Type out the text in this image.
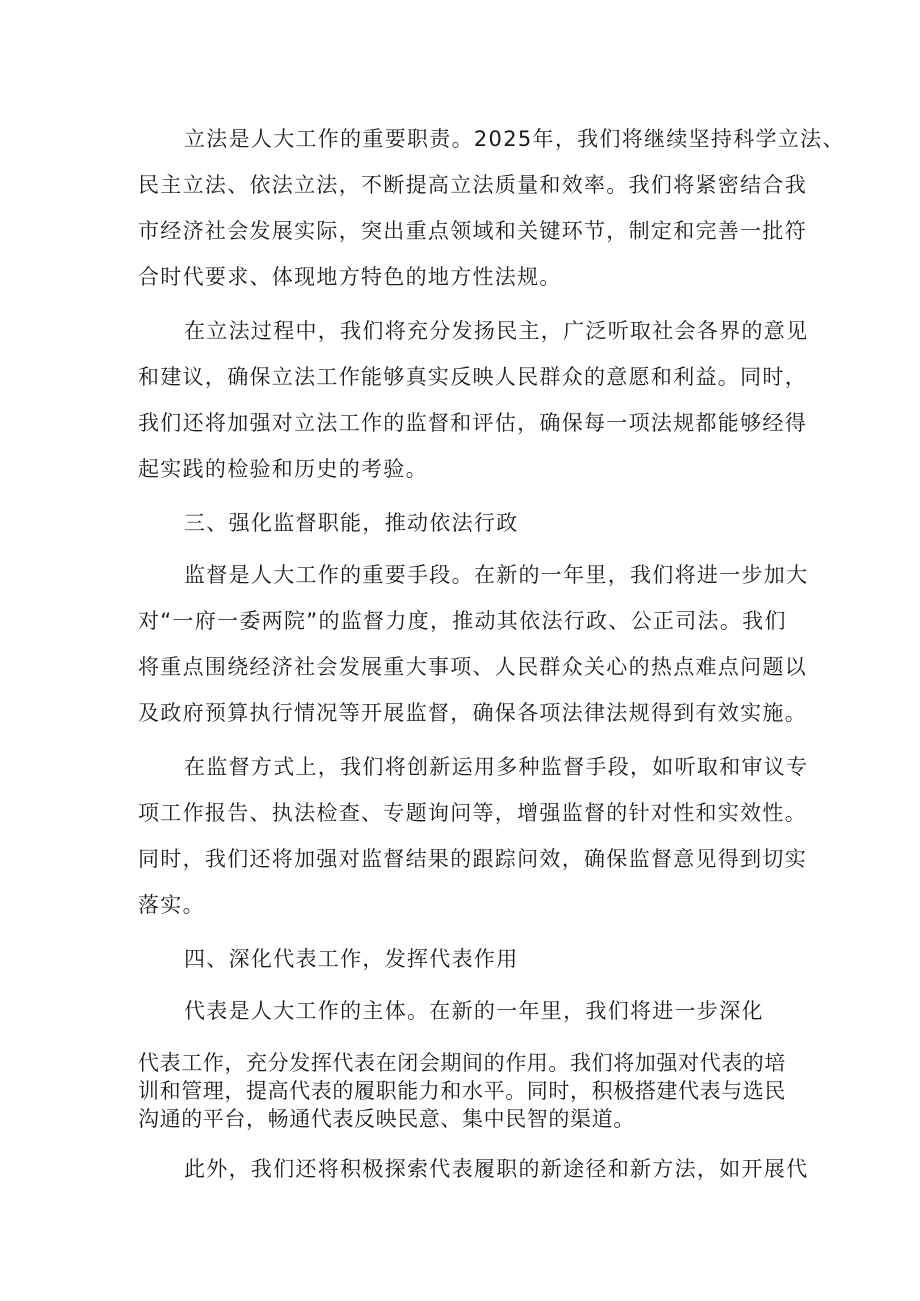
立法是人大工作的重要职责。2025年，我们将继续坚持科学立法、
民主立法、依法立法，不断提高立法质量和效率。我们将紧密结合我
市经济社会发展实际，突出重点领域和关键环节，制定和完善一批符
合时代要求、体现地方特色的地方性法规。
在立法过程中，我们将充分发扬民主，广泛听取社会各界的意见
和建议，确保立法工作能够真实反映人民群众的意愿和利益。同时，
我们还将加强对立法工作的监督和评估，确保每一项法规都能够经得
起实践的检验和历史的考验。
三、强化监督职能，推动依法行政
监督是人大工作的重要手段。在新的一年里，我们将进一步加大
对“一府一委两院”的监督力度，推动其依法行政、公正司法。我们
将重点围绕经济社会发展重大事项、人民群众关心的热点难点问题以
及政府预算执行情况等开展监督，确保各项法律法规得到有效实施。
在监督方式上，我们将创新运用多种监督手段，如听取和审议专
项工作报告、执法检查、专题询问等，增强监督的针对性和实效性。
同时，我们还将加强对监督结果的跟踪问效，确保监督意见得到切实
落实。
四、深化代表工作，发挥代表作用
代表是人大工作的主体。在新的一年里，我们将进一步深化
代表工作，充分发挥代表在闭会期间的作用。我们将加强对代表的培
训和管理，提高代表的履职能力和水平。同时，积极搭建代表与选民
沟通的平台，畅通代表反映民意、集中民智的渠道。
此外，我们还将积极探索代表履职的新途径和新方法，如开展代
